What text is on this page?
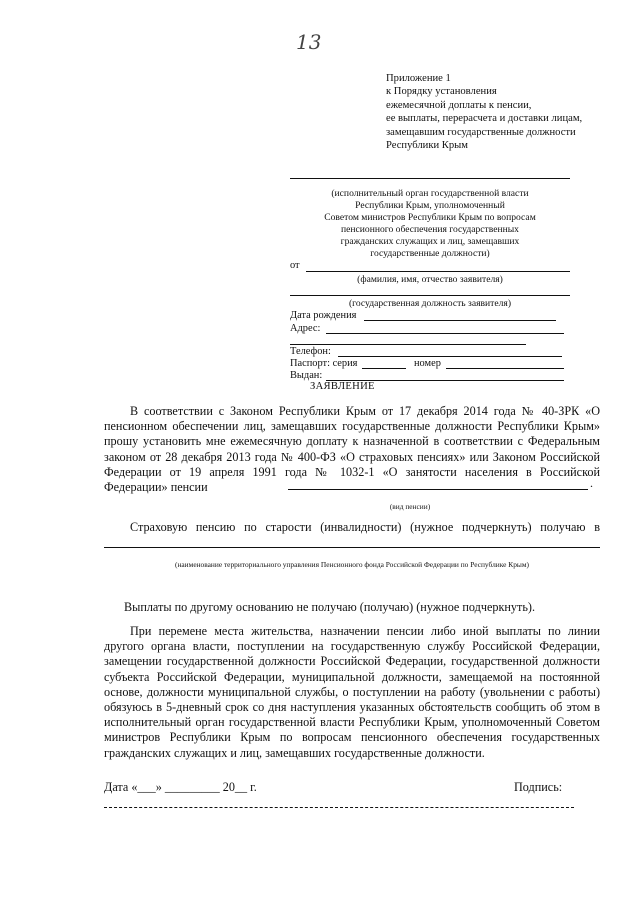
13
Приложение 1
к Порядку установления
ежемесячной доплаты к пенсии,
ее выплаты, перерасчета и доставки лицам,
замещавшим государственные должности
Республики Крым
(исполнительный орган государственной власти
Республики Крым, уполномоченный
Советом министров Республики Крым по вопросам
пенсионного обеспечения государственных
гражданских служащих и лиц, замещавших
государственные должности)
от
(фамилия, имя, отчество заявителя)
(государственная должность заявителя)
Дата рождения
Адрес:
Телефон:
Паспорт: серия	номер
Выдан:
ЗАЯВЛЕНИЕ
В соответствии с Законом Республики Крым от 17 декабря 2014 года № 40-ЗРК «О пенсионном обеспечении лиц, замещавших государственные должности Республики Крым» прошу установить мне ежемесячную доплату к назначенной в соответствии с Федеральным законом от 28 декабря 2013 года № 400-ФЗ «О страховых пенсиях» или Законом Российской Федерации от 19 апреля 1991 года № 1032-1 «О занятости населения в Российской Федерации» пенсии	.
(вид пенсии)
Страховую пенсию по старости (инвалидности) (нужное подчеркнуть) получаю в
(наименование территориального управления Пенсионного фонда Российской Федерации по Республике Крым)
Выплаты по другому основанию не получаю (получаю) (нужное подчеркнуть).
При перемене места жительства, назначении пенсии либо иной выплаты по линии другого органа власти, поступлении на государственную службу Российской Федерации, замещении государственной должности Российской Федерации, государственной должности субъекта Российской Федерации, муниципальной должности, замещаемой на постоянной основе, должности муниципальной службы, о поступлении на работу (увольнении с работы) обязуюсь в 5-дневный срок со дня наступления указанных обстоятельств сообщить об этом в исполнительный орган государственной власти Республики Крым, уполномоченный Советом министров Республики Крым по вопросам пенсионного обеспечения государственных гражданских служащих и лиц, замещавших государственные должности.
Дата «___» _________ 20__ г.	Подпись:
